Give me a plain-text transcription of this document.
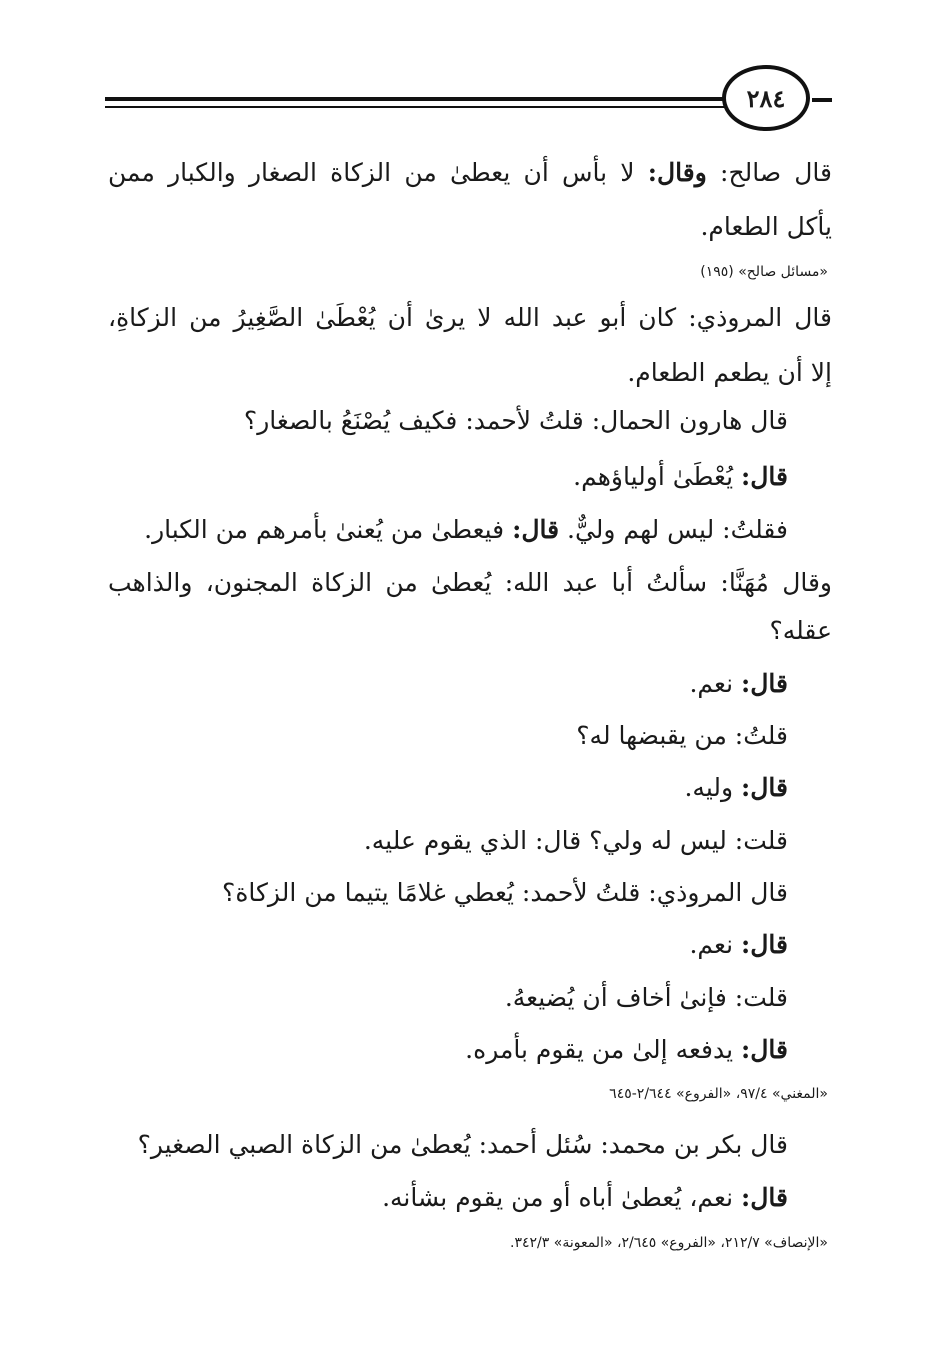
٢٨٤
قال صالح: وقال: لا بأس أن يعطىٰ من الزكاة الصغار والكبار ممن
يأكل الطعام.
«مسائل صالح» (١٩٥)
قال المروذي: كان أبو عبد الله لا يرىٰ أن يُعْطَىٰ الصَّغِيرُ من الزكاةِ،
إلا أن يطعم الطعام.
قال هارون الحمال: قلتُ لأحمد: فكيف يُصْنَعُ بالصغار؟
قال: يُعْطَىٰ أولياؤهم.
فقلتُ: ليس لهم وليٌّ. قال: فيعطىٰ من يُعنىٰ بأمرهم من الكبار.
وقال مُهَنَّا: سألتُ أبا عبد الله: يُعطىٰ من الزكاة المجنون، والذاهب
عقله؟
قال: نعم.
قلتُ: من يقبضها له؟
قال: وليه.
قلت: ليس له ولي؟ قال: الذي يقوم عليه.
قال المروذي: قلتُ لأحمد: يُعطي غلامًا يتيما من الزكاة؟
قال: نعم.
قلت: فإنىٰ أخاف أن يُضيعهُ.
قال: يدفعه إلىٰ من يقوم بأمره.
«المغني» ٩٧/٤، «الفروع» ٢/٦٤٤-٦٤٥
قال بكر بن محمد: سُئل أحمد: يُعطىٰ من الزكاة الصبي الصغير؟
قال: نعم، يُعطىٰ أباه أو من يقوم بشأنه.
«الإنصاف» ٢١٢/٧، «الفروع» ٢/٦٤٥، «المعونة» ٣٤٢/٣.
